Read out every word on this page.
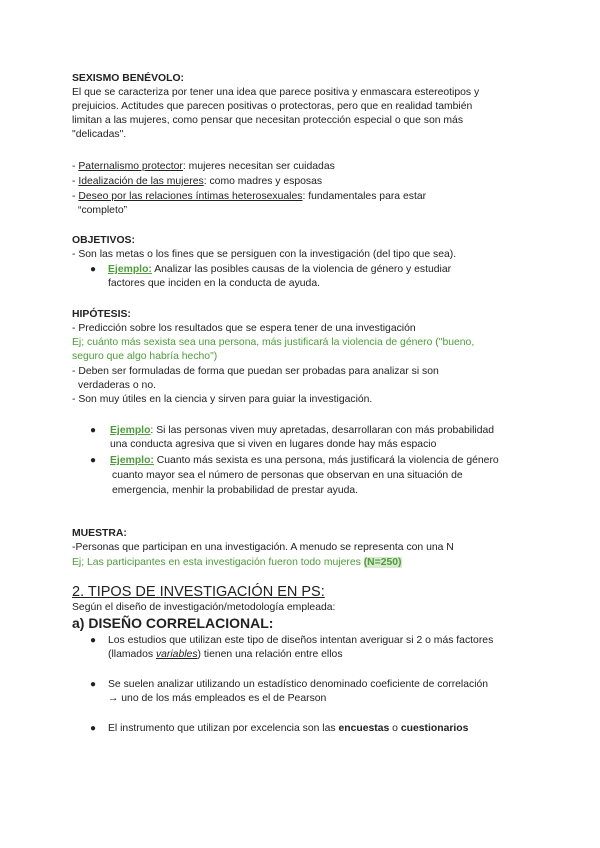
SEXISMO BENÉVOLO:

El que se caracteriza por tener una idea que parece positiva y enmascara estereotipos y

prejuicios. Actitudes que parecen positivas o protectoras, pero que en realidad también

limitan a las mujeres, como pensar que necesitan protección especial o que son más

"delicadas".

- Paternalismo protector: mujeres necesitan ser cuidadas

- Idealización de las mujeres: como madres y esposas

- Deseo por las relaciones íntimas heterosexuales: fundamentales para estar

“completo”

OBJETIVOS:

- Son las metas o los fines que se persiguen con la investigación (del tipo que sea).

● Ejemplo: Analizar las posibles causas de la violencia de género y estudiar

factores que inciden en la conducta de ayuda.

HIPÓTESIS:

- Predicción sobre los resultados que se espera tener de una investigación

Ej; cuánto más sexista sea una persona, más justificará la violencia de género ("bueno,

seguro que algo habría hecho")

- Deben ser formuladas de forma que puedan ser probadas para analizar si son

verdaderas o no.

- Son muy útiles en la ciencia y sirven para guiar la investigación.

● Ejemplo: Si las personas viven muy apretadas, desarrollaran con más probabilidad

una conducta agresiva que si viven en lugares donde hay más espacio

● Ejemplo: Cuanto más sexista es una persona, más justificará la violencia de género

cuanto mayor sea el número de personas que observan en una situación de

emergencia, menhir la probabilidad de prestar ayuda.

MUESTRA:

-Personas que participan en una investigación. A menudo se representa con una N

Ej; Las participantes en esta investigación fueron todo mujeres (N=250)

2. TIPOS DE INVESTIGACIÓN EN PS:

Según el diseño de investigación/metodología empleada:

a) DISEÑO CORRELACIONAL:

● Los estudios que utilizan este tipo de diseños intentan averiguar si 2 o más factores

(llamados variables) tienen una relación entre ellos

● Se suelen analizar utilizando un estadístico denominado coeficiente de correlación

→ uno de los más empleados es el de Pearson

● El instrumento que utilizan por excelencia son las encuestas o cuestionarios
